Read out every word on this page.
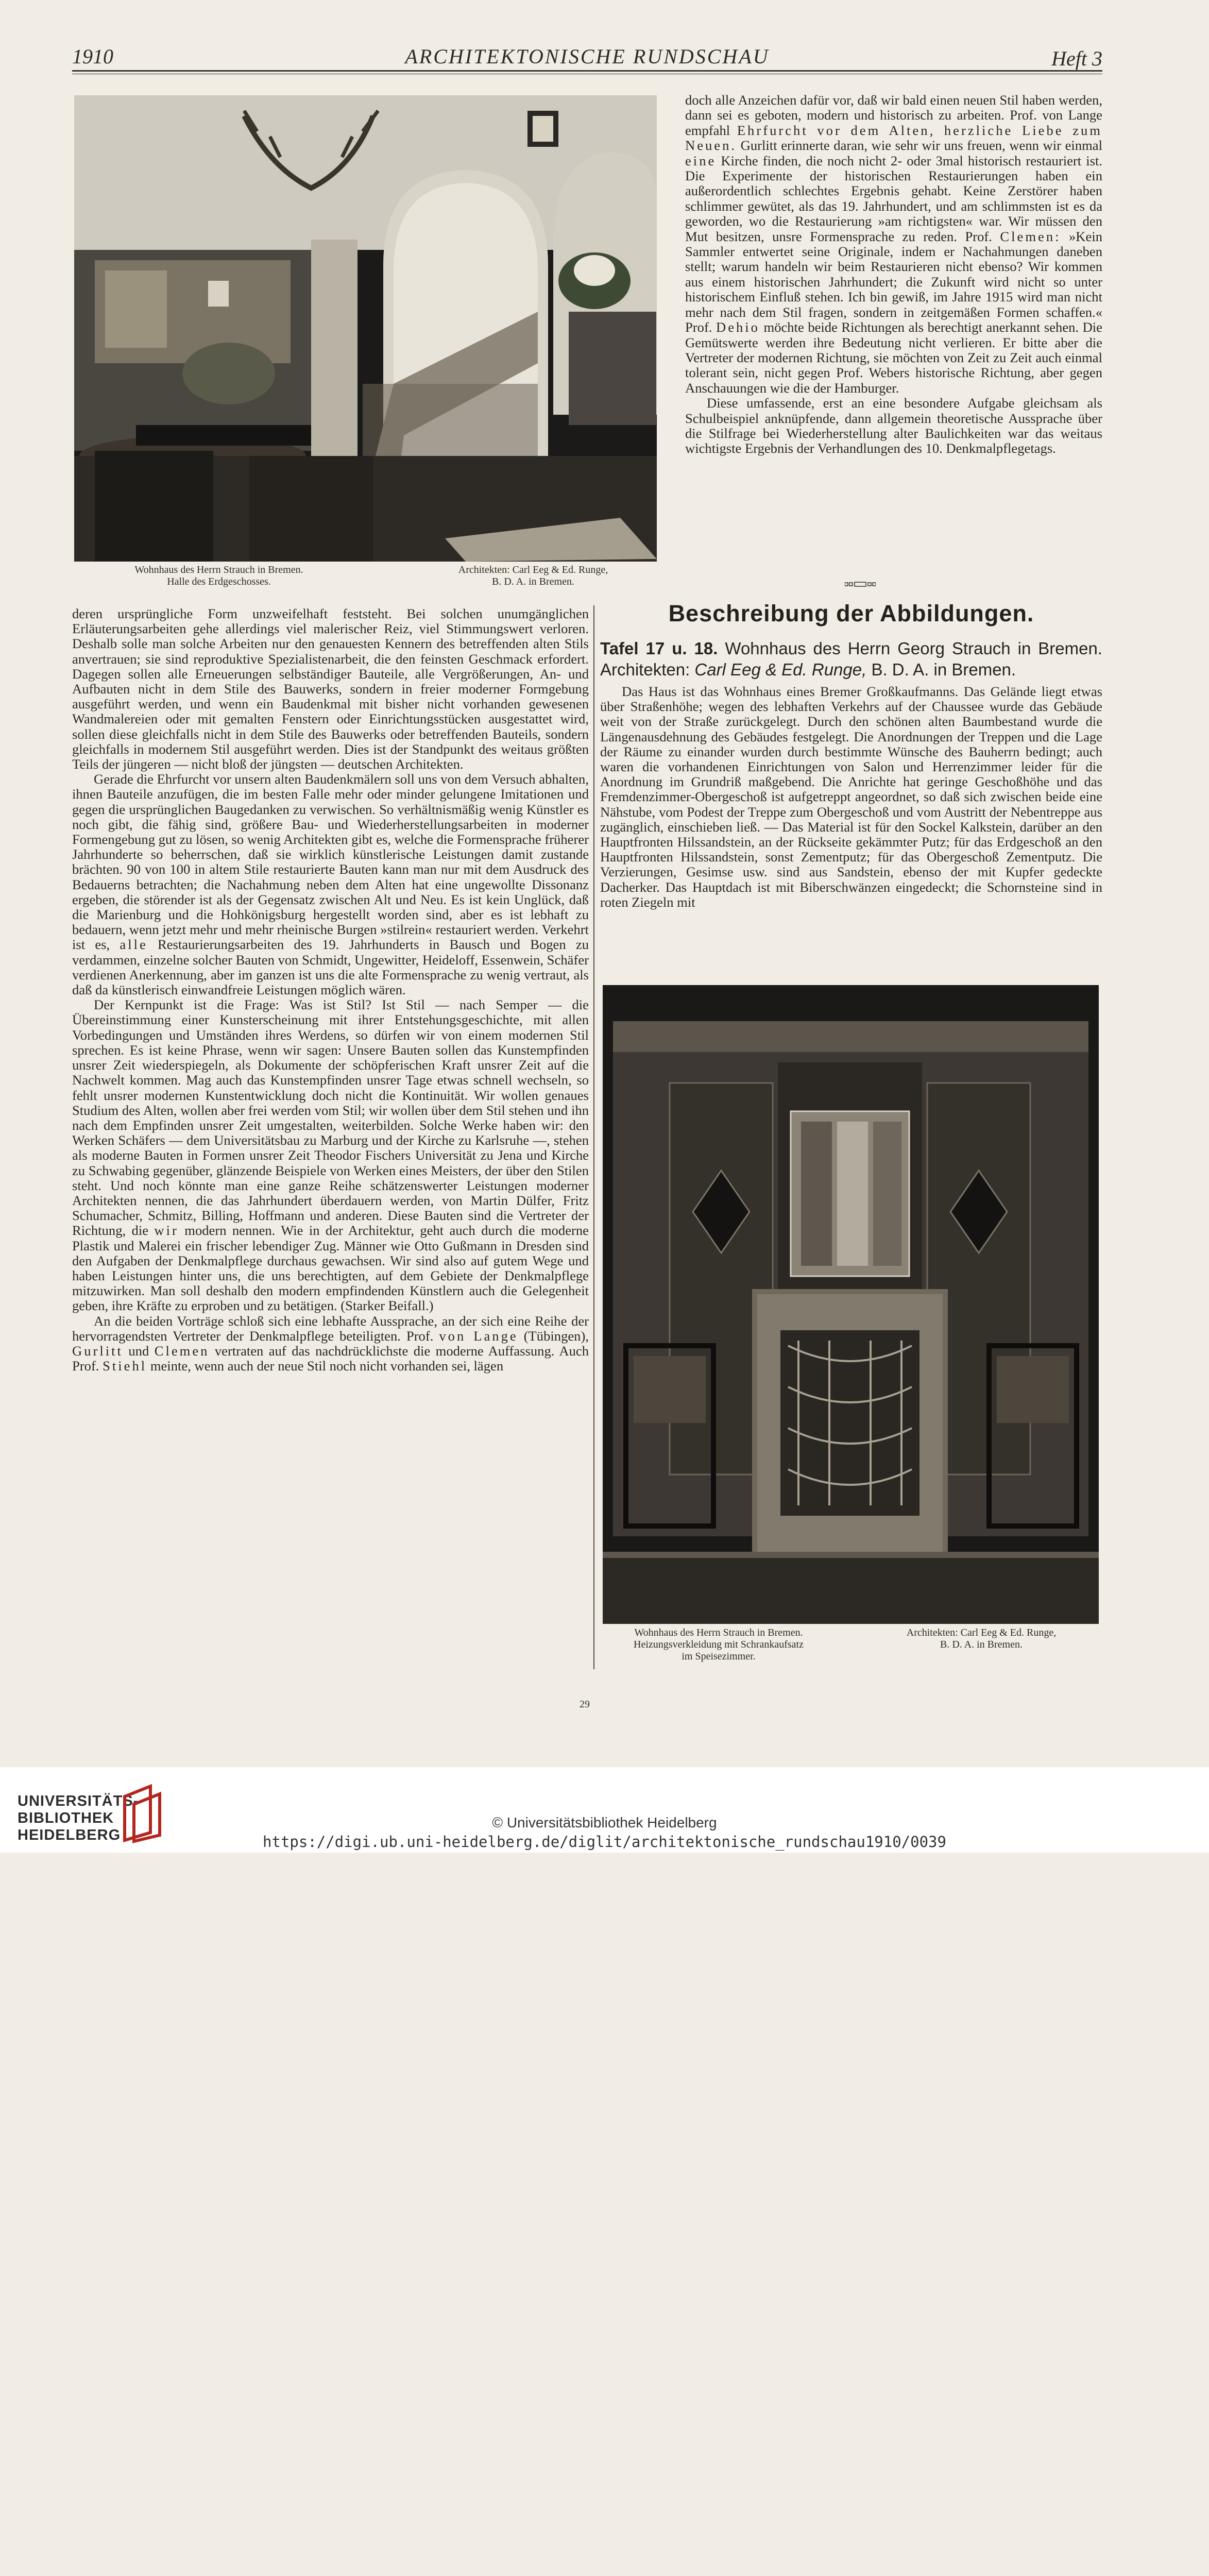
1910	ARCHITEKTONISCHE RUNDSCHAU	Heft 3
Wohnhaus des Herrn Strauch in Bremen.
Halle des Erdgeschosses.
Architekten: Carl Eeg & Ed. Runge,
B. D. A. in Bremen.

doch alle Anzeichen dafür vor, daß wir bald einen neuen Stil haben werden, dann sei es geboten, modern und historisch zu arbeiten. Prof. von Lange empfahl Ehrfurcht vor dem Alten, herzliche Liebe zum Neuen. Gurlitt erinnerte daran, wie sehr wir uns freuen, wenn wir einmal eine Kirche finden, die noch nicht 2- oder 3mal historisch restauriert ist. Die Experimente der historischen Restaurierungen haben ein außerordentlich schlechtes Ergebnis gehabt. Keine Zerstörer haben schlimmer gewütet, als das 19. Jahrhundert, und am schlimmsten ist es da geworden, wo die Restaurierung »am richtigsten« war. Wir müssen den Mut besitzen, unsre Formensprache zu reden. Prof. Clemen: »Kein Sammler entwertet seine Originale, indem er Nachahmungen daneben stellt; warum handeln wir beim Restaurieren nicht ebenso? Wir kommen aus einem historischen Jahrhundert; die Zukunft wird nicht so unter historischem Einfluß stehen. Ich bin gewiß, im Jahre 1915 wird man nicht mehr nach dem Stil fragen, sondern in zeitgemäßen Formen schaffen.« Prof. Dehio möchte beide Richtungen als berechtigt anerkannt sehen. Die Gemütswerte werden ihre Bedeutung nicht verlieren. Er bitte aber die Vertreter der modernen Richtung, sie möchten von Zeit zu Zeit auch einmal tolerant sein, nicht gegen Prof. Webers historische Richtung, aber gegen Anschauungen wie die der Hamburger.

Diese umfassende, erst an eine besondere Aufgabe gleichsam als Schulbeispiel anknüpfende, dann allgemein theoretische Aussprache über die Stilfrage bei Wiederherstellung alter Baulichkeiten war das weitaus wichtigste Ergebnis der Verhandlungen des 10. Denkmalpflegetags.

deren ursprüngliche Form unzweifelhaft feststeht. Bei solchen unumgänglichen Erläuterungsarbeiten gehe allerdings viel malerischer Reiz, viel Stimmungswert verloren. Deshalb solle man solche Arbeiten nur den genauesten Kennern des betreffenden alten Stils anvertrauen; sie sind reproduktive Spezialistenarbeit, die den feinsten Geschmack erfordert. Dagegen sollen alle Erneuerungen selbständiger Bauteile, alle Vergrößerungen, An- und Aufbauten nicht in dem Stile des Bauwerks, sondern in freier moderner Formgebung ausgeführt werden, und wenn ein Baudenkmal mit bisher nicht vorhanden gewesenen Wandmalereien oder mit gemalten Fenstern oder Einrichtungsstücken ausgestattet wird, sollen diese gleichfalls nicht in dem Stile des Bauwerks oder betreffenden Bauteils, sondern gleichfalls in modernem Stil ausgeführt werden. Dies ist der Standpunkt des weitaus größten Teils der jüngeren — nicht bloß der jüngsten — deutschen Architekten.

Gerade die Ehrfurcht vor unsern alten Baudenkmälern soll uns von dem Versuch abhalten, ihnen Bauteile anzufügen, die im besten Falle mehr oder minder gelungene Imitationen und gegen die ursprünglichen Baugedanken zu verwischen. So verhältnismäßig wenig Künstler es noch gibt, die fähig sind, größere Bau- und Wiederherstellungsarbeiten in moderner Formengebung gut zu lösen, so wenig Architekten gibt es, welche die Formensprache früherer Jahrhunderte so beherrschen, daß sie wirklich künstlerische Leistungen damit zustande brächten. 90 von 100 in altem Stile restaurierte Bauten kann man nur mit dem Ausdruck des Bedauerns betrachten; die Nachahmung neben dem Alten hat eine ungewollte Dissonanz ergeben, die störender ist als der Gegensatz zwischen Alt und Neu. Es ist kein Unglück, daß die Marienburg und die Hohkönigsburg hergestellt worden sind, aber es ist lebhaft zu bedauern, wenn jetzt mehr und mehr rheinische Burgen »stilrein« restauriert werden. Verkehrt ist es, alle Restaurierungsarbeiten des 19. Jahrhunderts in Bausch und Bogen zu verdammen, einzelne solcher Bauten von Schmidt, Ungewitter, Heideloff, Essenwein, Schäfer verdienen Anerkennung, aber im ganzen ist uns die alte Formensprache zu wenig vertraut, als daß da künstlerisch einwandfreie Leistungen möglich wären.

Der Kernpunkt ist die Frage: Was ist Stil? Ist Stil — nach Semper — die Übereinstimmung einer Kunsterscheinung mit ihrer Entstehungsgeschichte, mit allen Vorbedingungen und Umständen ihres Werdens, so dürfen wir von einem modernen Stil sprechen. Es ist keine Phrase, wenn wir sagen: Unsere Bauten sollen das Kunstempfinden unsrer Zeit wiederspiegeln, als Dokumente der schöpferischen Kraft unsrer Zeit auf die Nachwelt kommen. Mag auch das Kunstempfinden unsrer Tage etwas schnell wechseln, so fehlt unsrer modernen Kunstentwicklung doch nicht die Kontinuität. Wir wollen genaues Studium des Alten, wollen aber frei werden vom Stil; wir wollen über dem Stil stehen und ihn nach dem Empfinden unsrer Zeit umgestalten, weiterbilden. Solche Werke haben wir: den Werken Schäfers — dem Universitätsbau zu Marburg und der Kirche zu Karlsruhe —, stehen als moderne Bauten in Formen unsrer Zeit Theodor Fischers Universität zu Jena und Kirche zu Schwabing gegenüber, glänzende Beispiele von Werken eines Meisters, der über den Stilen steht. Und noch könnte man eine ganze Reihe schätzenswerter Leistungen moderner Architekten nennen, die das Jahrhundert überdauern werden, von Martin Dülfer, Fritz Schumacher, Schmitz, Billing, Hoffmann und anderen. Diese Bauten sind die Vertreter der Richtung, die wir modern nennen. Wie in der Architektur, geht auch durch die moderne Plastik und Malerei ein frischer lebendiger Zug. Männer wie Otto Gußmann in Dresden sind den Aufgaben der Denkmalpflege durchaus gewachsen. Wir sind also auf gutem Wege und haben Leistungen hinter uns, die uns berechtigten, auf dem Gebiete der Denkmalpflege mitzuwirken. Man soll deshalb den modern empfindenden Künstlern auch die Gelegenheit geben, ihre Kräfte zu erproben und zu betätigen. (Starker Beifall.)

An die beiden Vorträge schloß sich eine lebhafte Aussprache, an der sich eine Reihe der hervorragendsten Vertreter der Denkmalpflege beteiligten. Prof. von Lange (Tübingen), Gurlitt und Clemen vertraten auf das nachdrücklichste die moderne Auffassung. Auch Prof. Stiehl meinte, wenn auch der neue Stil noch nicht vorhanden sei, lägen

Beschreibung der Abbildungen.
Tafel 17 u. 18. Wohnhaus des Herrn Georg Strauch in Bremen. Architekten: Carl Eeg & Ed. Runge, B. D. A. in Bremen.

Das Haus ist das Wohnhaus eines Bremer Großkaufmanns. Das Gelände liegt etwas über Straßenhöhe; wegen des lebhaften Verkehrs auf der Chaussee wurde das Gebäude weit von der Straße zurückgelegt. Durch den schönen alten Baumbestand wurde die Längenausdehnung des Gebäudes festgelegt. Die Anordnungen der Treppen und die Lage der Räume zu einander wurden durch bestimmte Wünsche des Bauherrn bedingt; auch waren die vorhandenen Einrichtungen von Salon und Herrenzimmer leider für die Anordnung im Grundriß maßgebend. Die Anrichte hat geringe Geschoßhöhe und das Fremdenzimmer-Obergeschoß ist aufgetreppt angeordnet, so daß sich zwischen beide eine Nähstube, vom Podest der Treppe zum Obergeschoß und vom Austritt der Nebentreppe aus zugänglich, einschieben ließ. — Das Material ist für den Sockel Kalkstein, darüber an den Hauptfronten Hilssandstein, an der Rückseite gekämmter Putz; für das Erdgeschoß an den Hauptfronten Hilssandstein, sonst Zementputz; für das Obergeschoß Zementputz. Die Verzierungen, Gesimse usw. sind aus Sandstein, ebenso der mit Kupfer gedeckte Dacherker. Das Hauptdach ist mit Biberschwänzen eingedeckt; die Schornsteine sind in roten Ziegeln mit

Wohnhaus des Herrn Strauch in Bremen.
Heizungsverkleidung mit Schrankaufsatz
im Speisezimmer.
Architekten: Carl Eeg & Ed. Runge,
B. D. A. in Bremen.
29
UNIVERSITÄTS-
BIBLIOTHEK
HEIDELBERG
© Universitätsbibliothek Heidelberg
https://digi.ub.uni-heidelberg.de/diglit/architektonische_rundschau1910/0039
